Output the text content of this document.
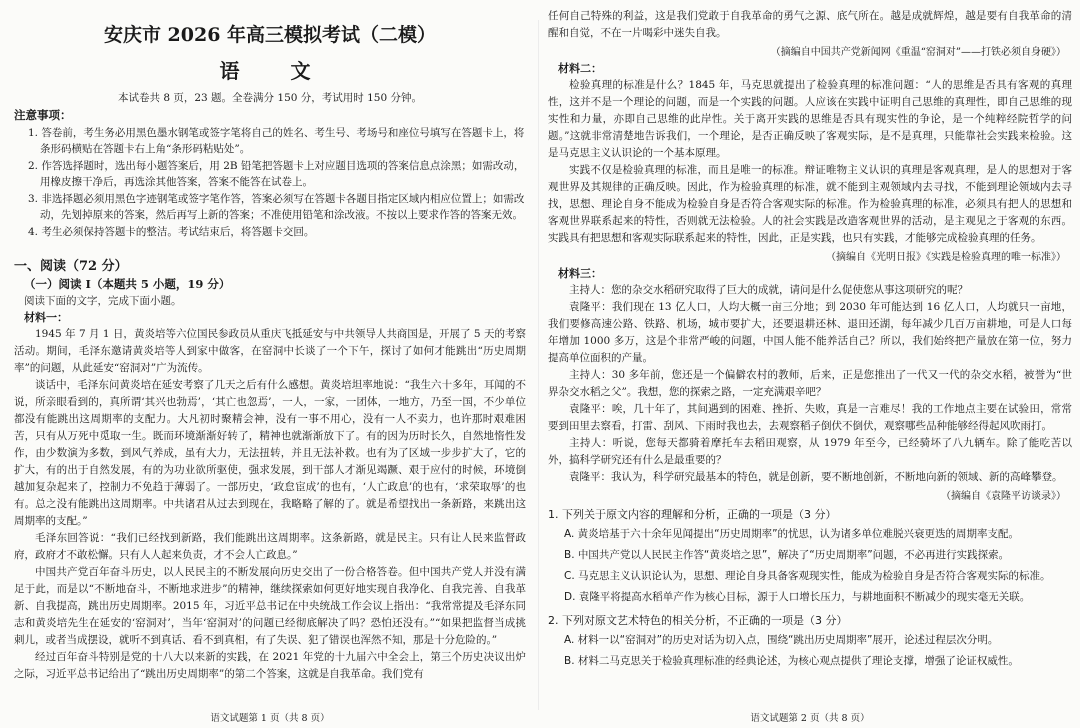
安庆市 2026 年高三模拟考试（二模）
语 文
本试卷共 8 页，23 题。全卷满分 150 分，考试用时 150 分钟。
注意事项：

1. 答卷前，考生务必用黑色墨水钢笔或签字笔将自己的姓名、考生号、考场号和座位号填写在答题卡上，将条形码横贴在答题卡右上角“条形码粘贴处”。

2. 作答选择题时，选出每小题答案后，用 2B 铅笔把答题卡上对应题目选项的答案信息点涂黑；如需改动，用橡皮擦干净后，再选涂其他答案，答案不能答在试卷上。

3. 非选择题必须用黑色字迹钢笔或签字笔作答，答案必须写在答题卡各题目指定区域内相应位置上；如需改动，先划掉原来的答案，然后再写上新的答案；不准使用铅笔和涂改液。不按以上要求作答的答案无效。

4. 考生必须保持答题卡的整洁。考试结束后，将答题卡交回。

一、阅读（72 分）
（一）阅读 Ⅰ（本题共 5 小题，19 分）
阅读下面的文字，完成下面小题。
材料一：

1945 年 7 月 1 日，黄炎培等六位国民参政员从重庆飞抵延安与中共领导人共商国是，开展了 5 天的考察活动。期间，毛泽东邀请黄炎培等人到家中做客，在窑洞中长谈了一个下午，探讨了如何才能跳出“历史周期率”的问题，从此延安“窑洞对”广为流传。

谈话中，毛泽东问黄炎培在延安考察了几天之后有什么感想。黄炎培坦率地说：“我生六十多年，耳闻的不说，所亲眼看到的，真所谓‘其兴也勃焉’，‘其亡也忽焉’，一人，一家，一团体，一地方，乃至一国，不少单位都没有能跳出这周期率的支配力。大凡初时聚精会神，没有一事不用心，没有一人不卖力，也许那时艰难困苦，只有从万死中觅取一生。既而环境渐渐好转了，精神也就渐渐放下了。有的因为历时长久，自然地惰性发作，由少数演为多数，到风气养成，虽有大力，无法扭转，并且无法补救。也有为了区域一步步扩大了，它的扩大，有的出于自然发展，有的为功业欲所驱使，强求发展，到干部人才渐见竭蹶、艰于应付的时候，环境倒越加复杂起来了，控制力不免趋于薄弱了。一部历史，‘政怠宦成’的也有，‘人亡政息’的也有，‘求荣取辱’的也有。总之没有能跳出这周期率。中共诸君从过去到现在，我略略了解的了。就是希望找出一条新路，来跳出这周期率的支配。”

毛泽东回答说：“我们已经找到新路，我们能跳出这周期率。这条新路，就是民主。只有让人民来监督政府，政府才不敢松懈。只有人人起来负责，才不会人亡政息。”

中国共产党百年奋斗历史，以人民民主的不断发展向历史交出了一份合格答卷。但中国共产党人并没有满足于此，而是以“不断地奋斗，不断地求进步”的精神，继续探索如何更好地实现自我净化、自我完善、自我革新、自我提高，跳出历史周期率。2015 年，习近平总书记在中央统战工作会议上指出：“我常常提及毛泽东同志和黄炎培先生在延安的‘窑洞对’，当年‘窑洞对’的问题已经彻底解决了吗？恐怕还没有。”“如果把监督当成挑刺儿，或者当成摆设，就听不到真话、看不到真相，有了失误、犯了错误也浑然不知，那是十分危险的。”

经过百年奋斗特别是党的十八大以来新的实践，在 2021 年党的十九届六中全会上，第三个历史决议出炉之际，习近平总书记给出了“跳出历史周期率”的第二个答案，这就是自我革命。我们党有

语文试题第 1 页（共 8 页）

任何自己特殊的利益，这是我们党敢于自我革命的勇气之源、底气所在。越是成就辉煌，越是要有自我革命的清醒和自觉，不在一片喝彩中迷失自我。

（摘编自中国共产党新闻网《重温“窑洞对”——打铁必须自身硬》）
材料二：

检验真理的标准是什么？1845 年，马克思就提出了检验真理的标准问题：“人的思维是否具有客观的真理性，这并不是一个理论的问题，而是一个实践的问题。人应该在实践中证明自己思维的真理性，即自己思维的现实性和力量，亦即自己思维的此岸性。关于离开实践的思维是否具有现实性的争论，是一个纯粹经院哲学的问题。”这就非常清楚地告诉我们，一个理论，是否正确反映了客观实际，是不是真理，只能靠社会实践来检验。这是马克思主义认识论的一个基本原理。

实践不仅是检验真理的标准，而且是唯一的标准。辩证唯物主义认识的真理是客观真理，是人的思想对于客观世界及其规律的正确反映。因此，作为检验真理的标准，就不能到主观领域内去寻找，不能到理论领域内去寻找，思想、理论自身不能成为检验自身是否符合客观实际的标准。作为检验真理的标准，必须具有把人的思想和客观世界联系起来的特性，否则就无法检验。人的社会实践是改造客观世界的活动，是主观见之于客观的东西。实践具有把思想和客观实际联系起来的特性，因此，正是实践，也只有实践，才能够完成检验真理的任务。

（摘编自《光明日报》《实践是检验真理的唯一标准》）
材料三：

主持人：您的杂交水稻研究取得了巨大的成就，请问是什么促使您从事这项研究的呢？

袁隆平：我们现在 13 亿人口，人均大概一亩三分地；到 2030 年可能达到 16 亿人口，人均就只一亩地，我们要修高速公路、铁路、机场，城市要扩大，还要退耕还林、退田还湖，每年减少几百万亩耕地，可是人口每年增加 1000 多万，这是个非常严峻的问题，中国人能不能养活自己？所以，我们始终把产量放在第一位，努力提高单位面积的产量。

主持人：30 多年前，您还是一个偏僻农村的教师，后来，正是您推出了一代又一代的杂交水稻，被誉为“世界杂交水稻之父”。我想，您的探索之路，一定充满艰辛吧？

袁隆平：唉，几十年了，其间遇到的困难、挫折、失败，真是一言难尽！我的工作地点主要在试验田，常常要到田里去察看，打雷、刮风、下雨时我也去，去观察稻子倒伏不倒伏，观察哪些品种能够经得起风吹雨打。

主持人：听说，您每天都骑着摩托车去稻田观察，从 1979 年至今，已经骑坏了八九辆车。除了能吃苦以外，搞科学研究还有什么是最重要的？

袁隆平：我认为，科学研究最基本的特色，就是创新，要不断地创新，不断地向新的领域、新的高峰攀登。

（摘编自《袁隆平访谈录》）
1. 下列关于原文内容的理解和分析，正确的一项是（3 分）

A. 黄炎培基于六十余年见闻提出“历史周期率”的忧思，认为诸多单位难脱兴衰更迭的周期率支配。

B. 中国共产党以人民民主作答“黄炎培之思”，解决了“历史周期率”问题，不必再进行实践探索。

C. 马克思主义认识论认为，思想、理论自身具备客观现实性，能成为检验自身是否符合客观实际的标准。

D. 袁隆平将提高水稻单产作为核心目标，源于人口增长压力，与耕地面积不断减少的现实毫无关联。

2. 下列对原文艺术特色的相关分析，不正确的一项是（3 分）

A. 材料一以“窑洞对”的历史对话为切入点，围绕“跳出历史周期率”展开，论述过程层次分明。

B. 材料二马克思关于检验真理标准的经典论述，为核心观点提供了理论支撑，增强了论证权威性。

语文试题第 2 页（共 8 页）
